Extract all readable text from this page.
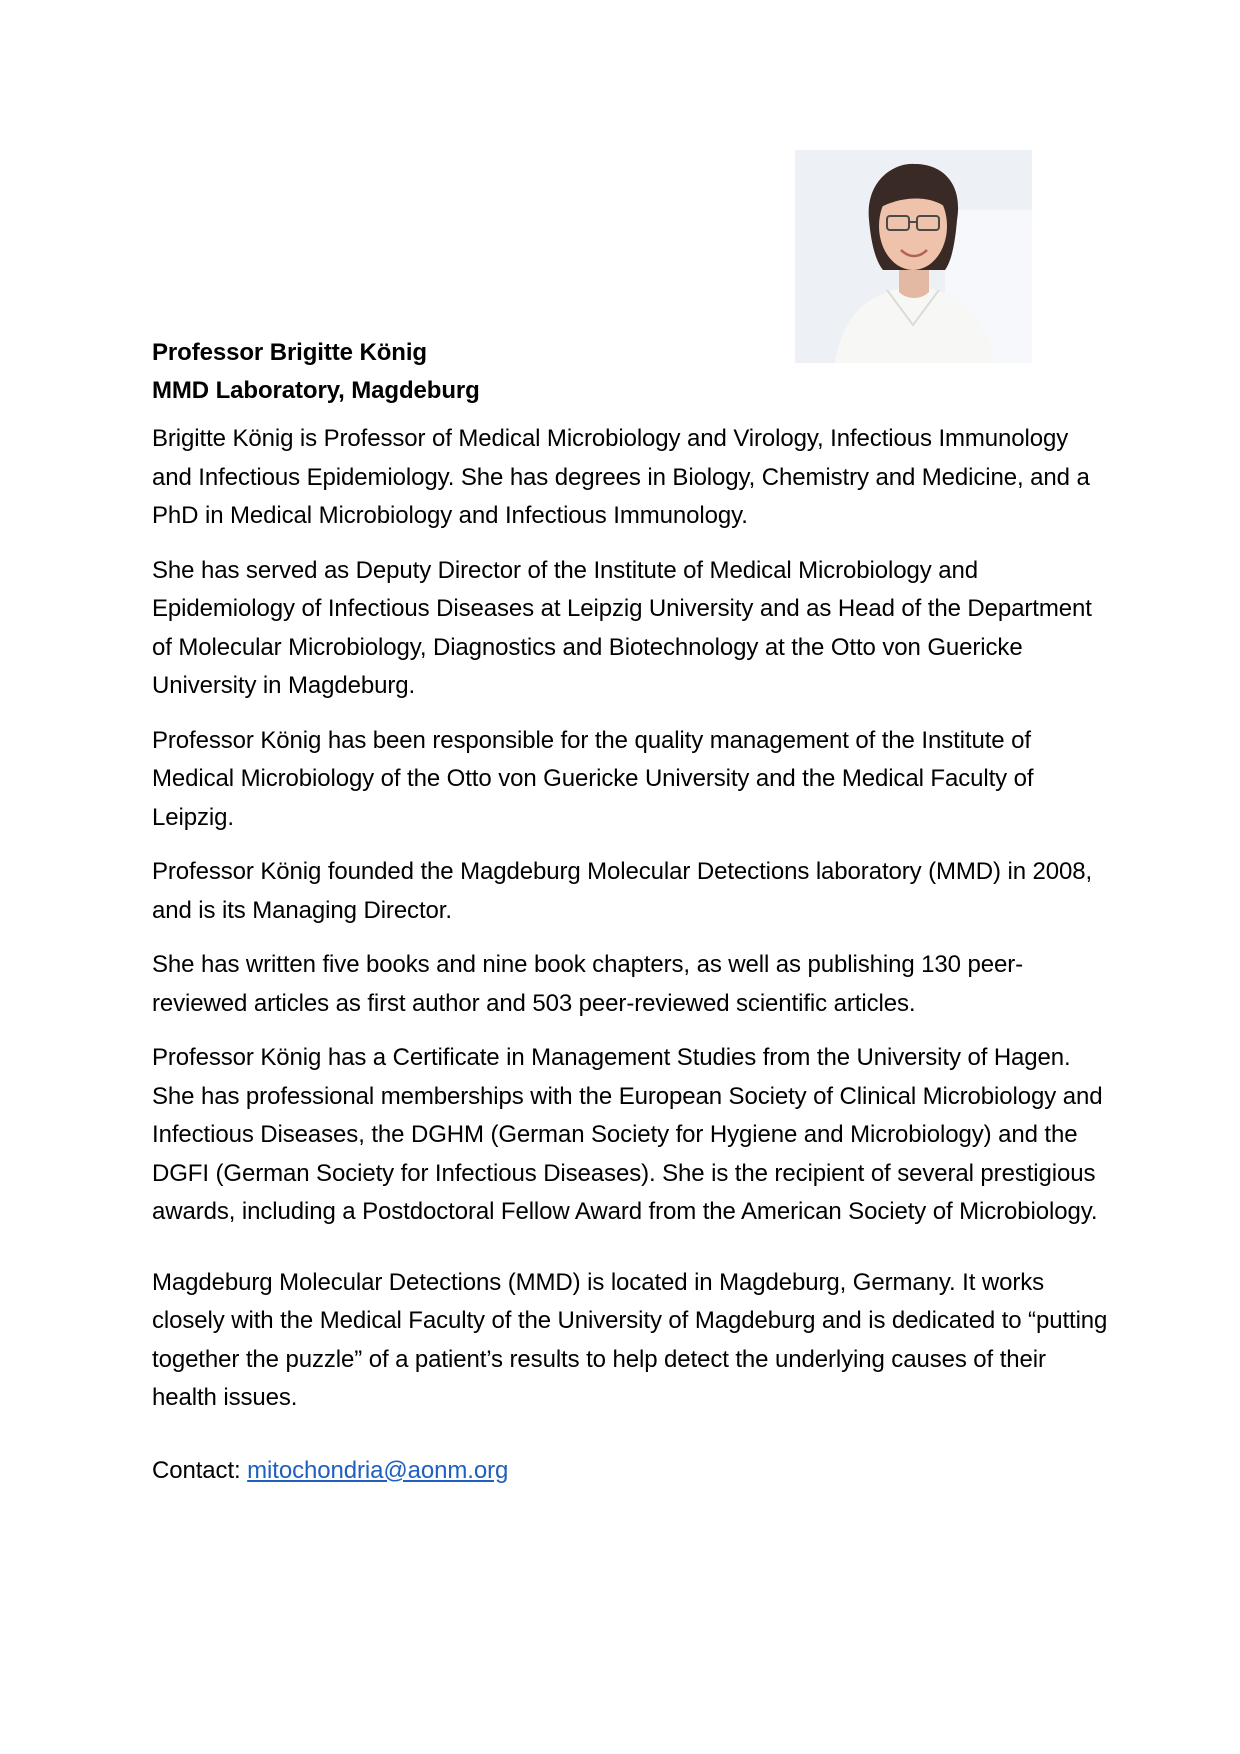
Professor Brigitte König
MMD Laboratory, Magdeburg

Brigitte König is Professor of Medical Microbiology and Virology, Infectious Immunology and Infectious Epidemiology. She has degrees in Biology, Chemistry and Medicine, and a PhD in Medical Microbiology and Infectious Immunology.

She has served as Deputy Director of the Institute of Medical Microbiology and Epidemiology of Infectious Diseases at Leipzig University and as Head of the Department of Molecular Microbiology, Diagnostics and Biotechnology at the Otto von Guericke University in Magdeburg.

Professor König has been responsible for the quality management of the Institute of Medical Microbiology of the Otto von Guericke University and the Medical Faculty of Leipzig.

Professor König founded the Magdeburg Molecular Detections laboratory (MMD) in 2008, and is its Managing Director.

She has written five books and nine book chapters, as well as publishing 130 peer-reviewed articles as first author and 503 peer-reviewed scientific articles.

Professor König has a Certificate in Management Studies from the University of Hagen. She has professional memberships with the European Society of Clinical Microbiology and Infectious Diseases, the DGHM (German Society for Hygiene and Microbiology) and the DGFI (German Society for Infectious Diseases). She is the recipient of several prestigious awards, including a Postdoctoral Fellow Award from the American Society of Microbiology.

Magdeburg Molecular Detections (MMD) is located in Magdeburg, Germany. It works closely with the Medical Faculty of the University of Magdeburg and is dedicated to “putting together the puzzle” of a patient’s results to help detect the underlying causes of their health issues.

Contact: mitochondria@aonm.org
